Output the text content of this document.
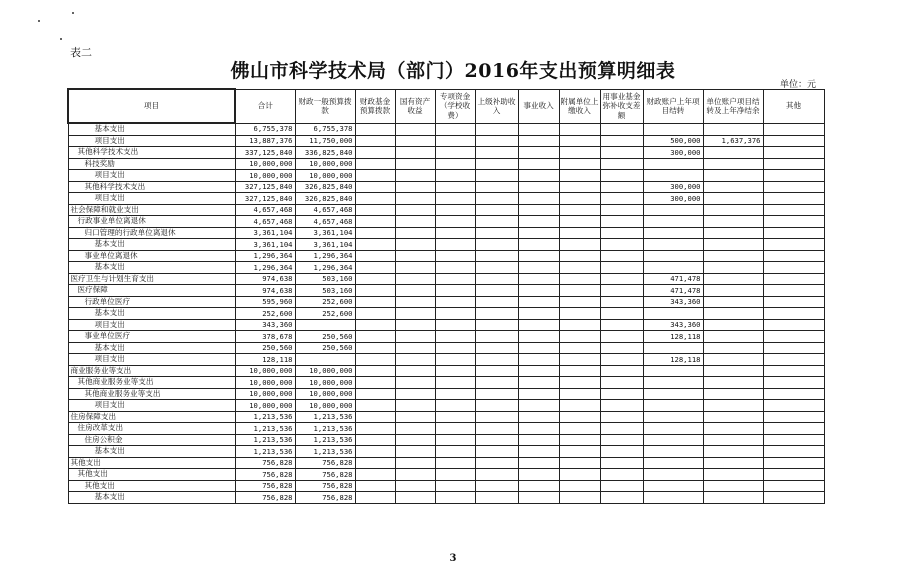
表二
佛山市科学技术局（部门）2016年支出预算明细表
单位：元
项目	合计	财政一般预算拨款	财政基金预算拨款	国有资产收益	专项资金（学校收费）	上级补助收入	事业收入	附属单位上缴收入	用事业基金弥补收支差额	财政账户上年项目结转	单位账户项目结转及上年净结余	其他
基本支出	6,755,378	6,755,378										
项目支出	13,887,376	11,750,000								500,000	1,637,376	
其他科学技术支出	337,125,840	336,825,840								300,000		
科技奖励	10,000,000	10,000,000										
项目支出	10,000,000	10,000,000										
其他科学技术支出	327,125,840	326,825,840								300,000		
项目支出	327,125,840	326,825,840								300,000		
社会保障和就业支出	4,657,468	4,657,468										
行政事业单位离退休	4,657,468	4,657,468										
归口管理的行政单位离退休	3,361,104	3,361,104										
基本支出	3,361,104	3,361,104										
事业单位离退休	1,296,364	1,296,364										
基本支出	1,296,364	1,296,364										
医疗卫生与计划生育支出	974,638	503,160								471,478		
医疗保障	974,638	503,160								471,478		
行政单位医疗	595,960	252,600								343,360		
基本支出	252,600	252,600										
项目支出	343,360									343,360		
事业单位医疗	378,678	250,560								128,118		
基本支出	250,560	250,560										
项目支出	128,118									128,118		
商业服务业等支出	10,000,000	10,000,000										
其他商业服务业等支出	10,000,000	10,000,000										
其他商业服务业等支出	10,000,000	10,000,000										
项目支出	10,000,000	10,000,000										
住房保障支出	1,213,536	1,213,536										
住房改革支出	1,213,536	1,213,536										
住房公积金	1,213,536	1,213,536										
基本支出	1,213,536	1,213,536										
其他支出	756,828	756,828										
其他支出	756,828	756,828										
其他支出	756,828	756,828										
基本支出	756,828	756,828										
3
